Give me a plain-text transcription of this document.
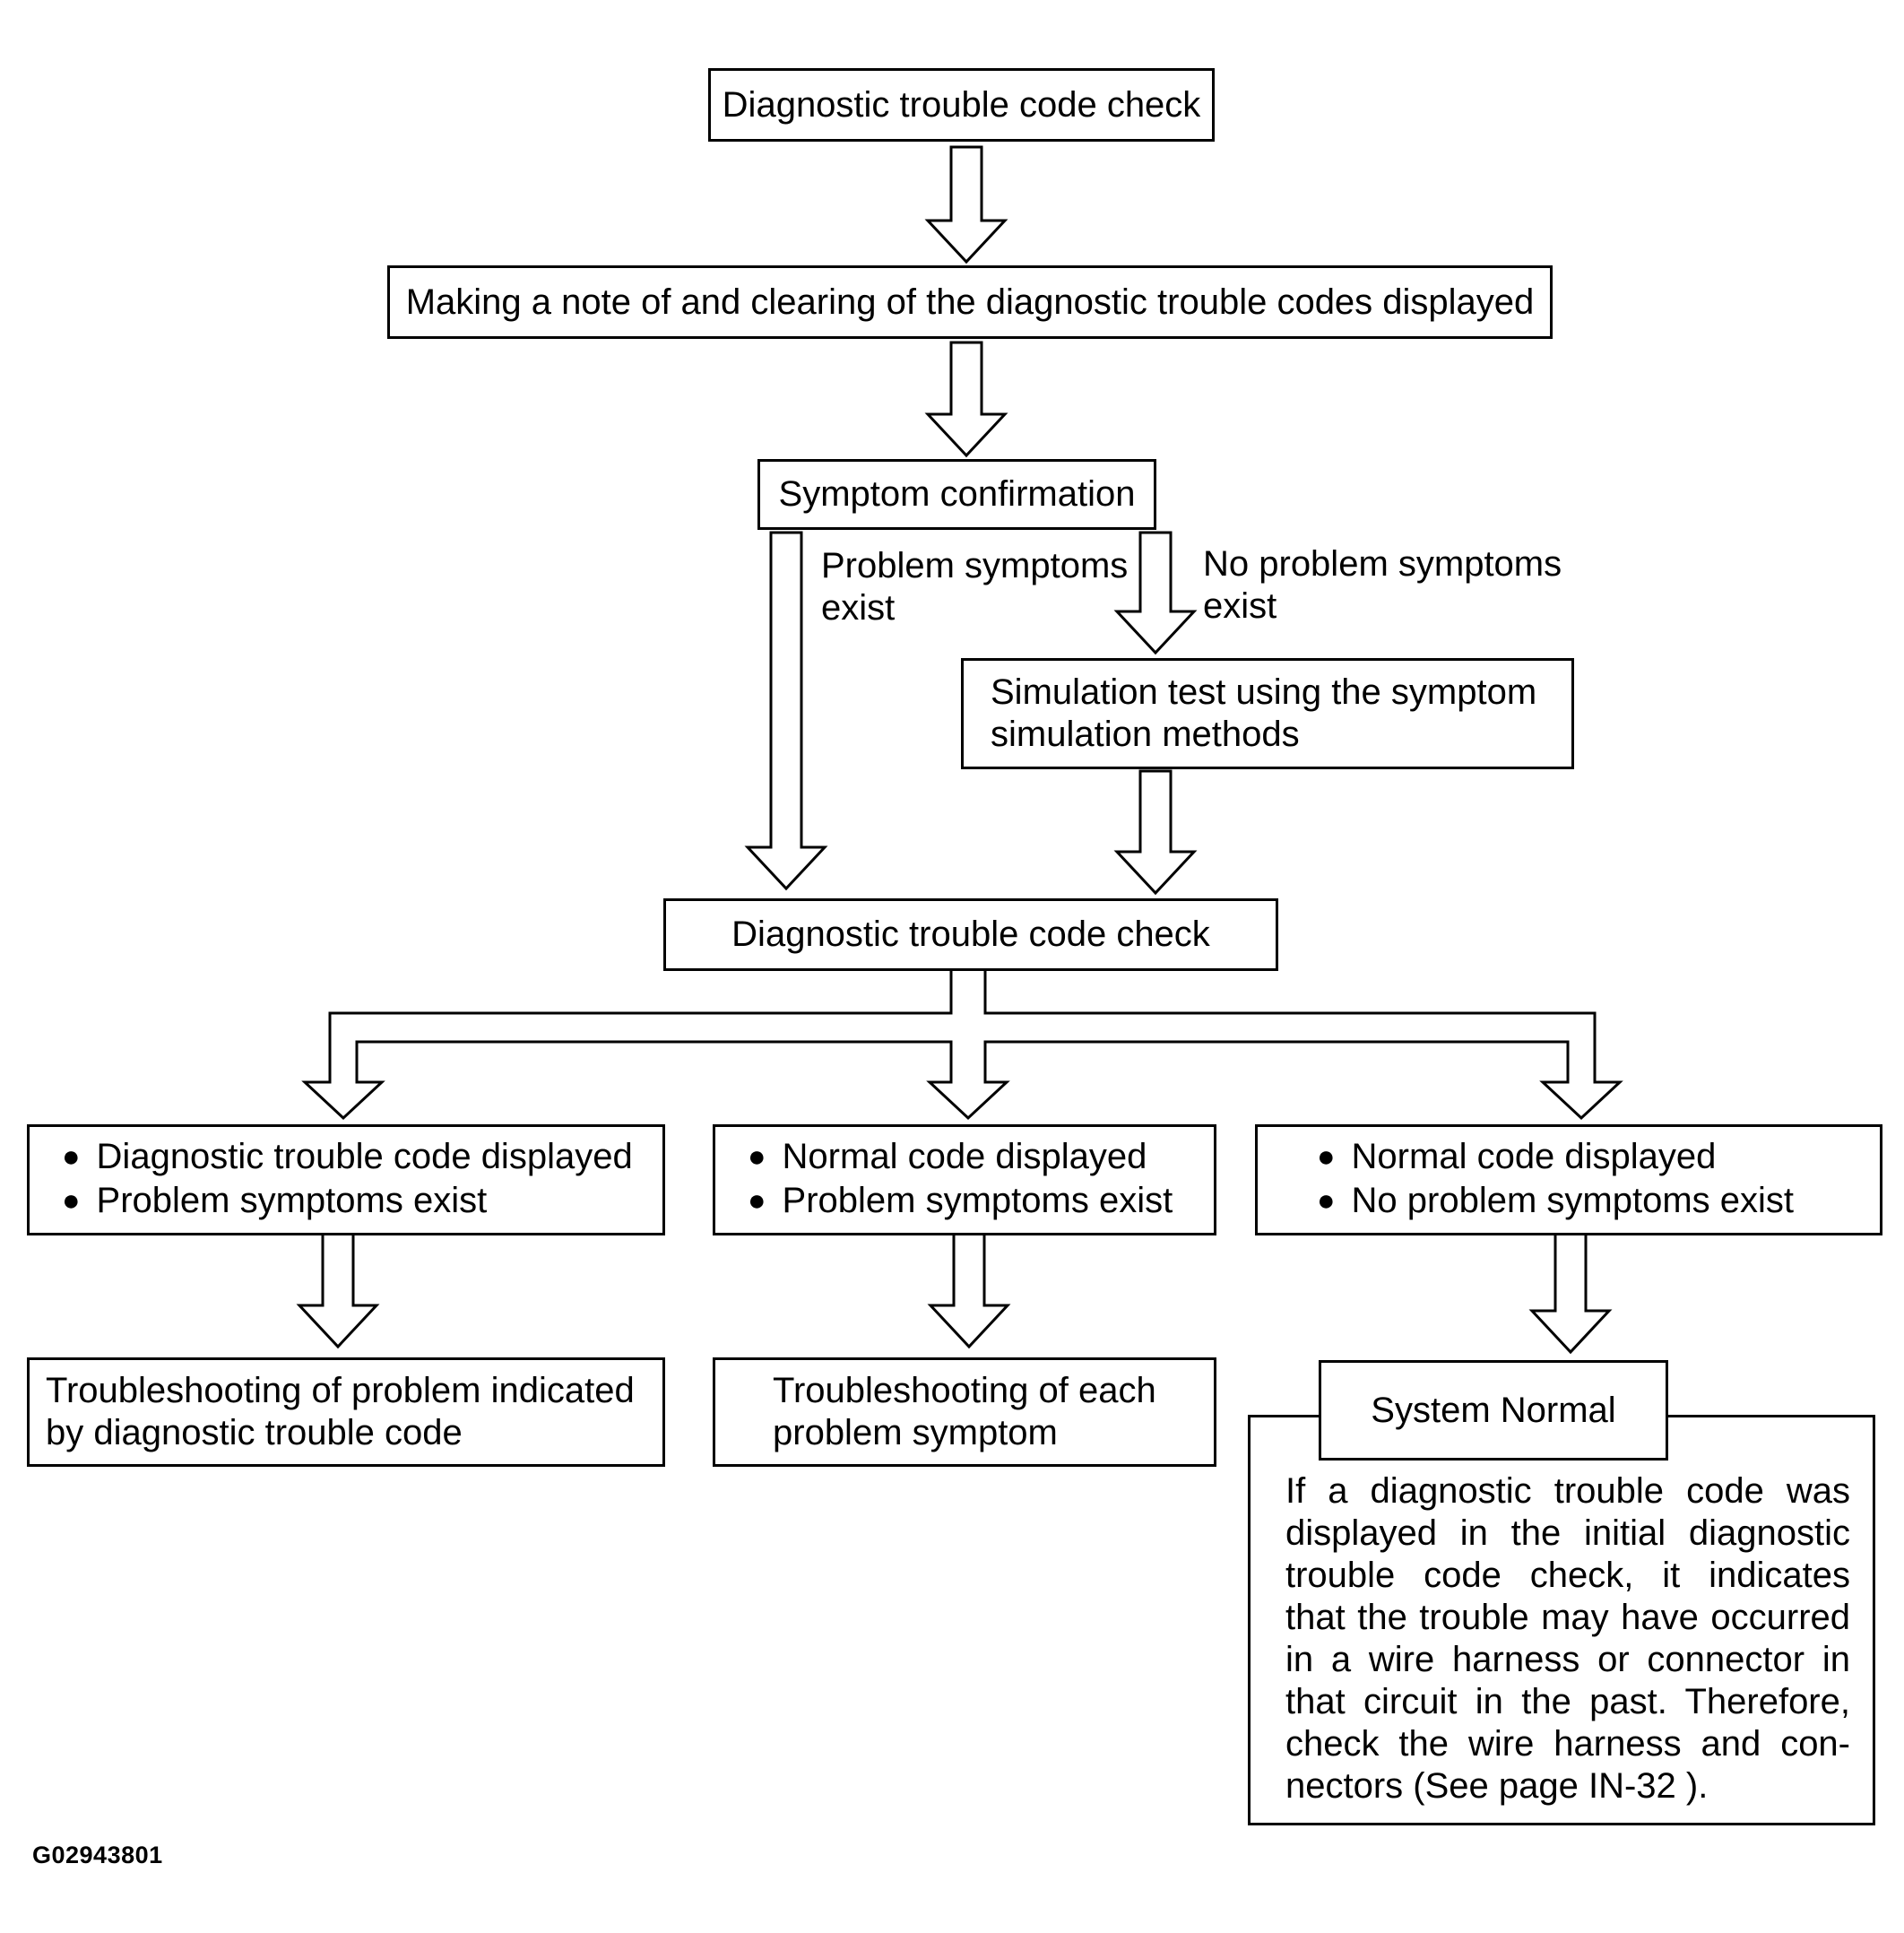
Diagnostic trouble code check
Making a note of and clearing of the diagnostic trouble codes displayed
Symptom confirmation
Problem symptoms
exist
No problem symptoms
exist
Simulation test using the symptom
simulation methods
Diagnostic trouble code check
● Diagnostic trouble code displayed
● Problem symptoms exist
● Normal code displayed
● Problem symptoms exist
● Normal code displayed
● No problem symptoms exist
Troubleshooting of problem indicated
by diagnostic trouble code
Troubleshooting of each
problem symptom
If a diagnostic trouble code was
displayed in the initial diagnostic
trouble code check, it indicates
that the trouble may have occurred
in a wire harness or connector in
that circuit in the past. Therefore,
check the wire harness and con-
nectors (See page IN-32 ).
System Normal
G02943801
